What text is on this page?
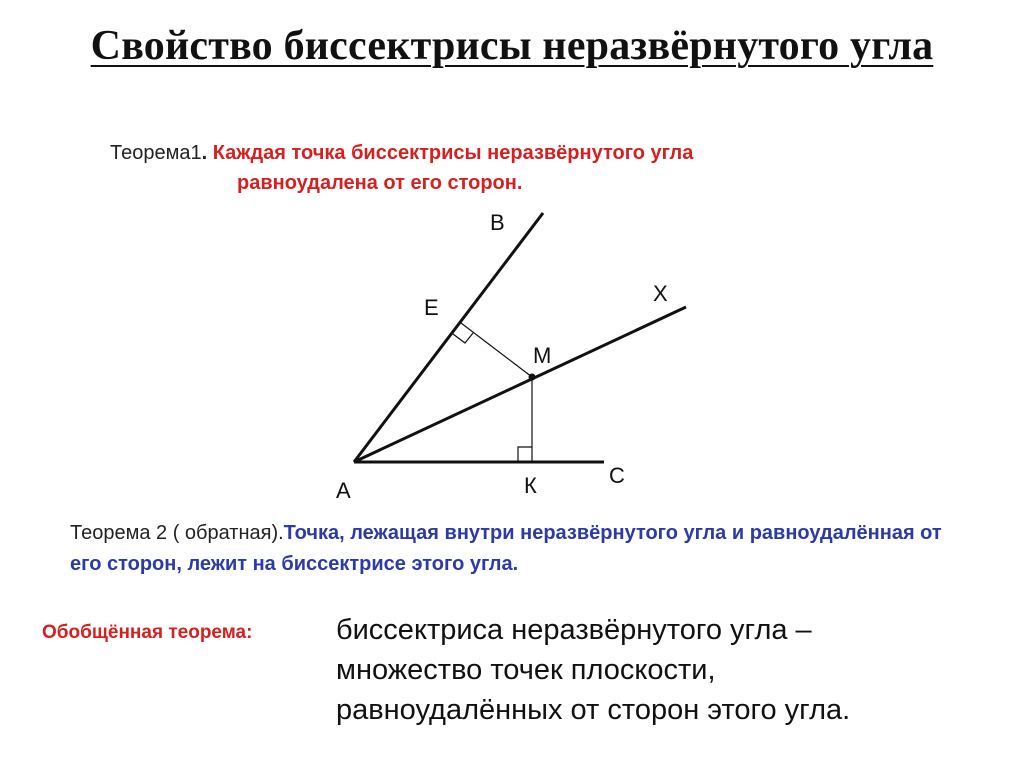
Свойство биссектрисы неразвёрнутого угла
Теорема1. Каждая точка биссектрисы неразвёрнутого угла
равноудалена от его сторон.
В
Е
Х
М
А	К	С
Теорема 2 ( обратная).Точка, лежащая внутри неразвёрнутого угла и равноудалённая от его сторон, лежит на биссектрисе этого угла.
Обобщённая теорема:	биссектриса неразвёрнутого угла –
множество точек плоскости,
равноудалённых от сторон этого угла.
